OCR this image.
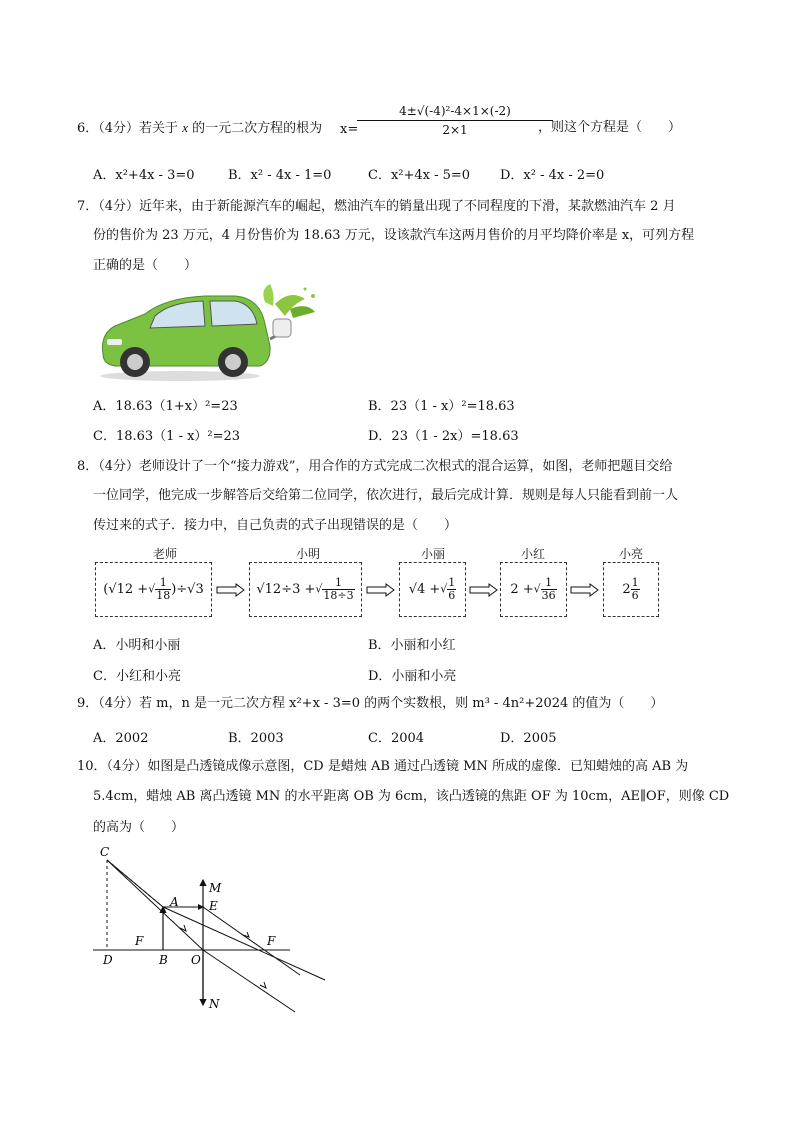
6．（4分）若关于 x 的一元二次方程的根为 x=
$\frac{\text{4±√(-4)²-4×1×(-2)}}{2\times 1}$
，则这个方程是（　　）
A．x²+4x - 3=0	B．x² - 4x - 1=0	C．x²+4x - 5=0 D．x² - 4x - 2=0
7．（4分）近年来，由于新能源汽车的崛起，燃油汽车的销量出现了不同程度的下滑，某款燃油汽车 2 月
份的售价为 23 万元，4 月份售价为 18.63 万元，设该款汽车这两月售价的月平均降价率是 x，可列方程
正确的是（　　）
A．18.63（1+x）²=23	B．23（1 - x）²=18.63
C．18.63（1 - x）²=23	D．23（1 - 2x）=18.63
8．（4分）老师设计了一个“接力游戏”，用合作的方式完成二次根式的混合运算，如图，老师把题目交给
一位同学，他完成一步解答后交给第二位同学，依次进行，最后完成计算．规则是每人只能看到前一人
传过来的式子．接力中，自己负责的式子出现错误的是（　　）
老师	小明	小丽	小红	小亮
(√12 + √ $\frac{1}{18} )\div√3$	√12÷3 + √ $\frac{1}{18\div 3}$	√4 + √ $\frac{1}{6}$	2 + √ $\frac{1}{36}$	$2 \frac{1}{6}$
A．小明和小丽	B．小丽和小红
C．小红和小亮	D．小丽和小亮
9．（4分）若 m，n 是一元二次方程 x²+x - 3=0 的两个实数根，则 m³ - 4n²+2024 的值为（　　）
A．2002	B．2003	C．2004	D．2005
10．（4分）如图是凸透镜成像示意图，CD 是蜡烛 AB 通过凸透镜 MN 所成的虚像．已知蜡烛的高 AB 为
5.4cm，蜡烛 AB 离凸透镜 MN 的水平距离 OB 为 6cm，该凸透镜的焦距 OF 为 10cm，AE∥OF，则像 CD
的高为（　　）
C
M
E
A
F	F
D	B O
N
